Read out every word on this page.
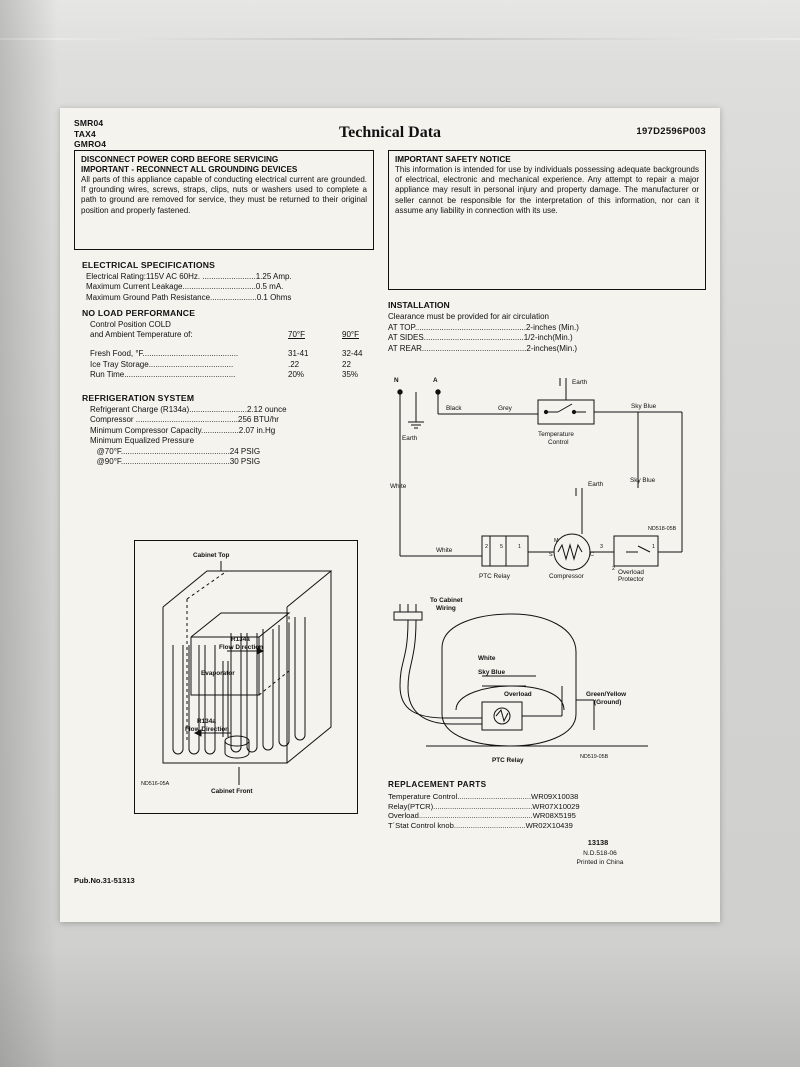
SMR04
TAX4
GMRO4
Technical Data	197D2596P003
DISCONNECT POWER CORD BEFORE SERVICING
IMPORTANT - RECONNECT ALL GROUNDING DEVICES
All parts of this appliance capable of conducting electrical current are grounded. If grounding wires, screws, straps, clips, nuts or washers used to complete a path to ground are removed for service, they must be returned to their original position and properly fastened.
IMPORTANT SAFETY NOTICE
This information is intended for use by individuals possessing adequate backgrounds of electrical, electronic and mechanical experience. Any attempt to repair a major appliance may result in personal injury and property damage. The manufacturer or seller cannot be responsible for the interpretation of this information, nor can it assume any liability in connection with its use.
ELECTRICAL SPECIFICATIONS
Electrical Rating:115V AC 60Hz. ........................1.25 Amp.
Maximum Current Leakage.................................0.5 mA.
Maximum Ground Path Resistance.....................0.1 Ohms
NO LOAD PERFORMANCE
Control Position COLD
and Ambient Temperature of:	70°F	90°F
Fresh Food, °F...........................................	31-41	32-44
Ice Tray Storage......................................	.22	22
Run Time..................................................	20%	35%
REFRIGERATION SYSTEM
Refrigerant Charge (R134a)..........................2.12 ounce
Compressor ..............................................256 BTU/hr
Minimum Compressor Capacity.................2.07 in.Hg
Minimum Equalized Pressure
@70°F.................................................24 PSIG
@90°F.................................................30 PSIG
INSTALLATION
Clearance must be provided for air circulation
AT TOP..................................................2-inches (Min.)
AT SIDES.............................................1/2-inch(Min.)
AT REAR...............................................2-inches(Min.)
N	A
Earth
Earth
Black	Grey
Temperature
Control
Sky Blue
Sky Blue
White
White
Earth
PTC Relay	Compressor
Overload
Protector
ND518-05B
2 5	1
M
S	C
3	1
2
To Cabinet
Wiring
White
Sky Blue
Overload	Green/Yellow
(Ground)
PTC Relay	ND519-05B
Cabinet Top
R134a
Flow Direction
Evaporator
R134a
Flow Direction
Cabinet Front
ND516-05A	REPLACEMENT PARTS
Temperature Control...................................WR09X10038
Relay(PTCR)...............................................WR07X10029
Overload......................................................WR08X5195
T´Stat Control knob..................................WR02X10439
13138
N.D.518-06
Printed in China
Pub.No.31-51313
